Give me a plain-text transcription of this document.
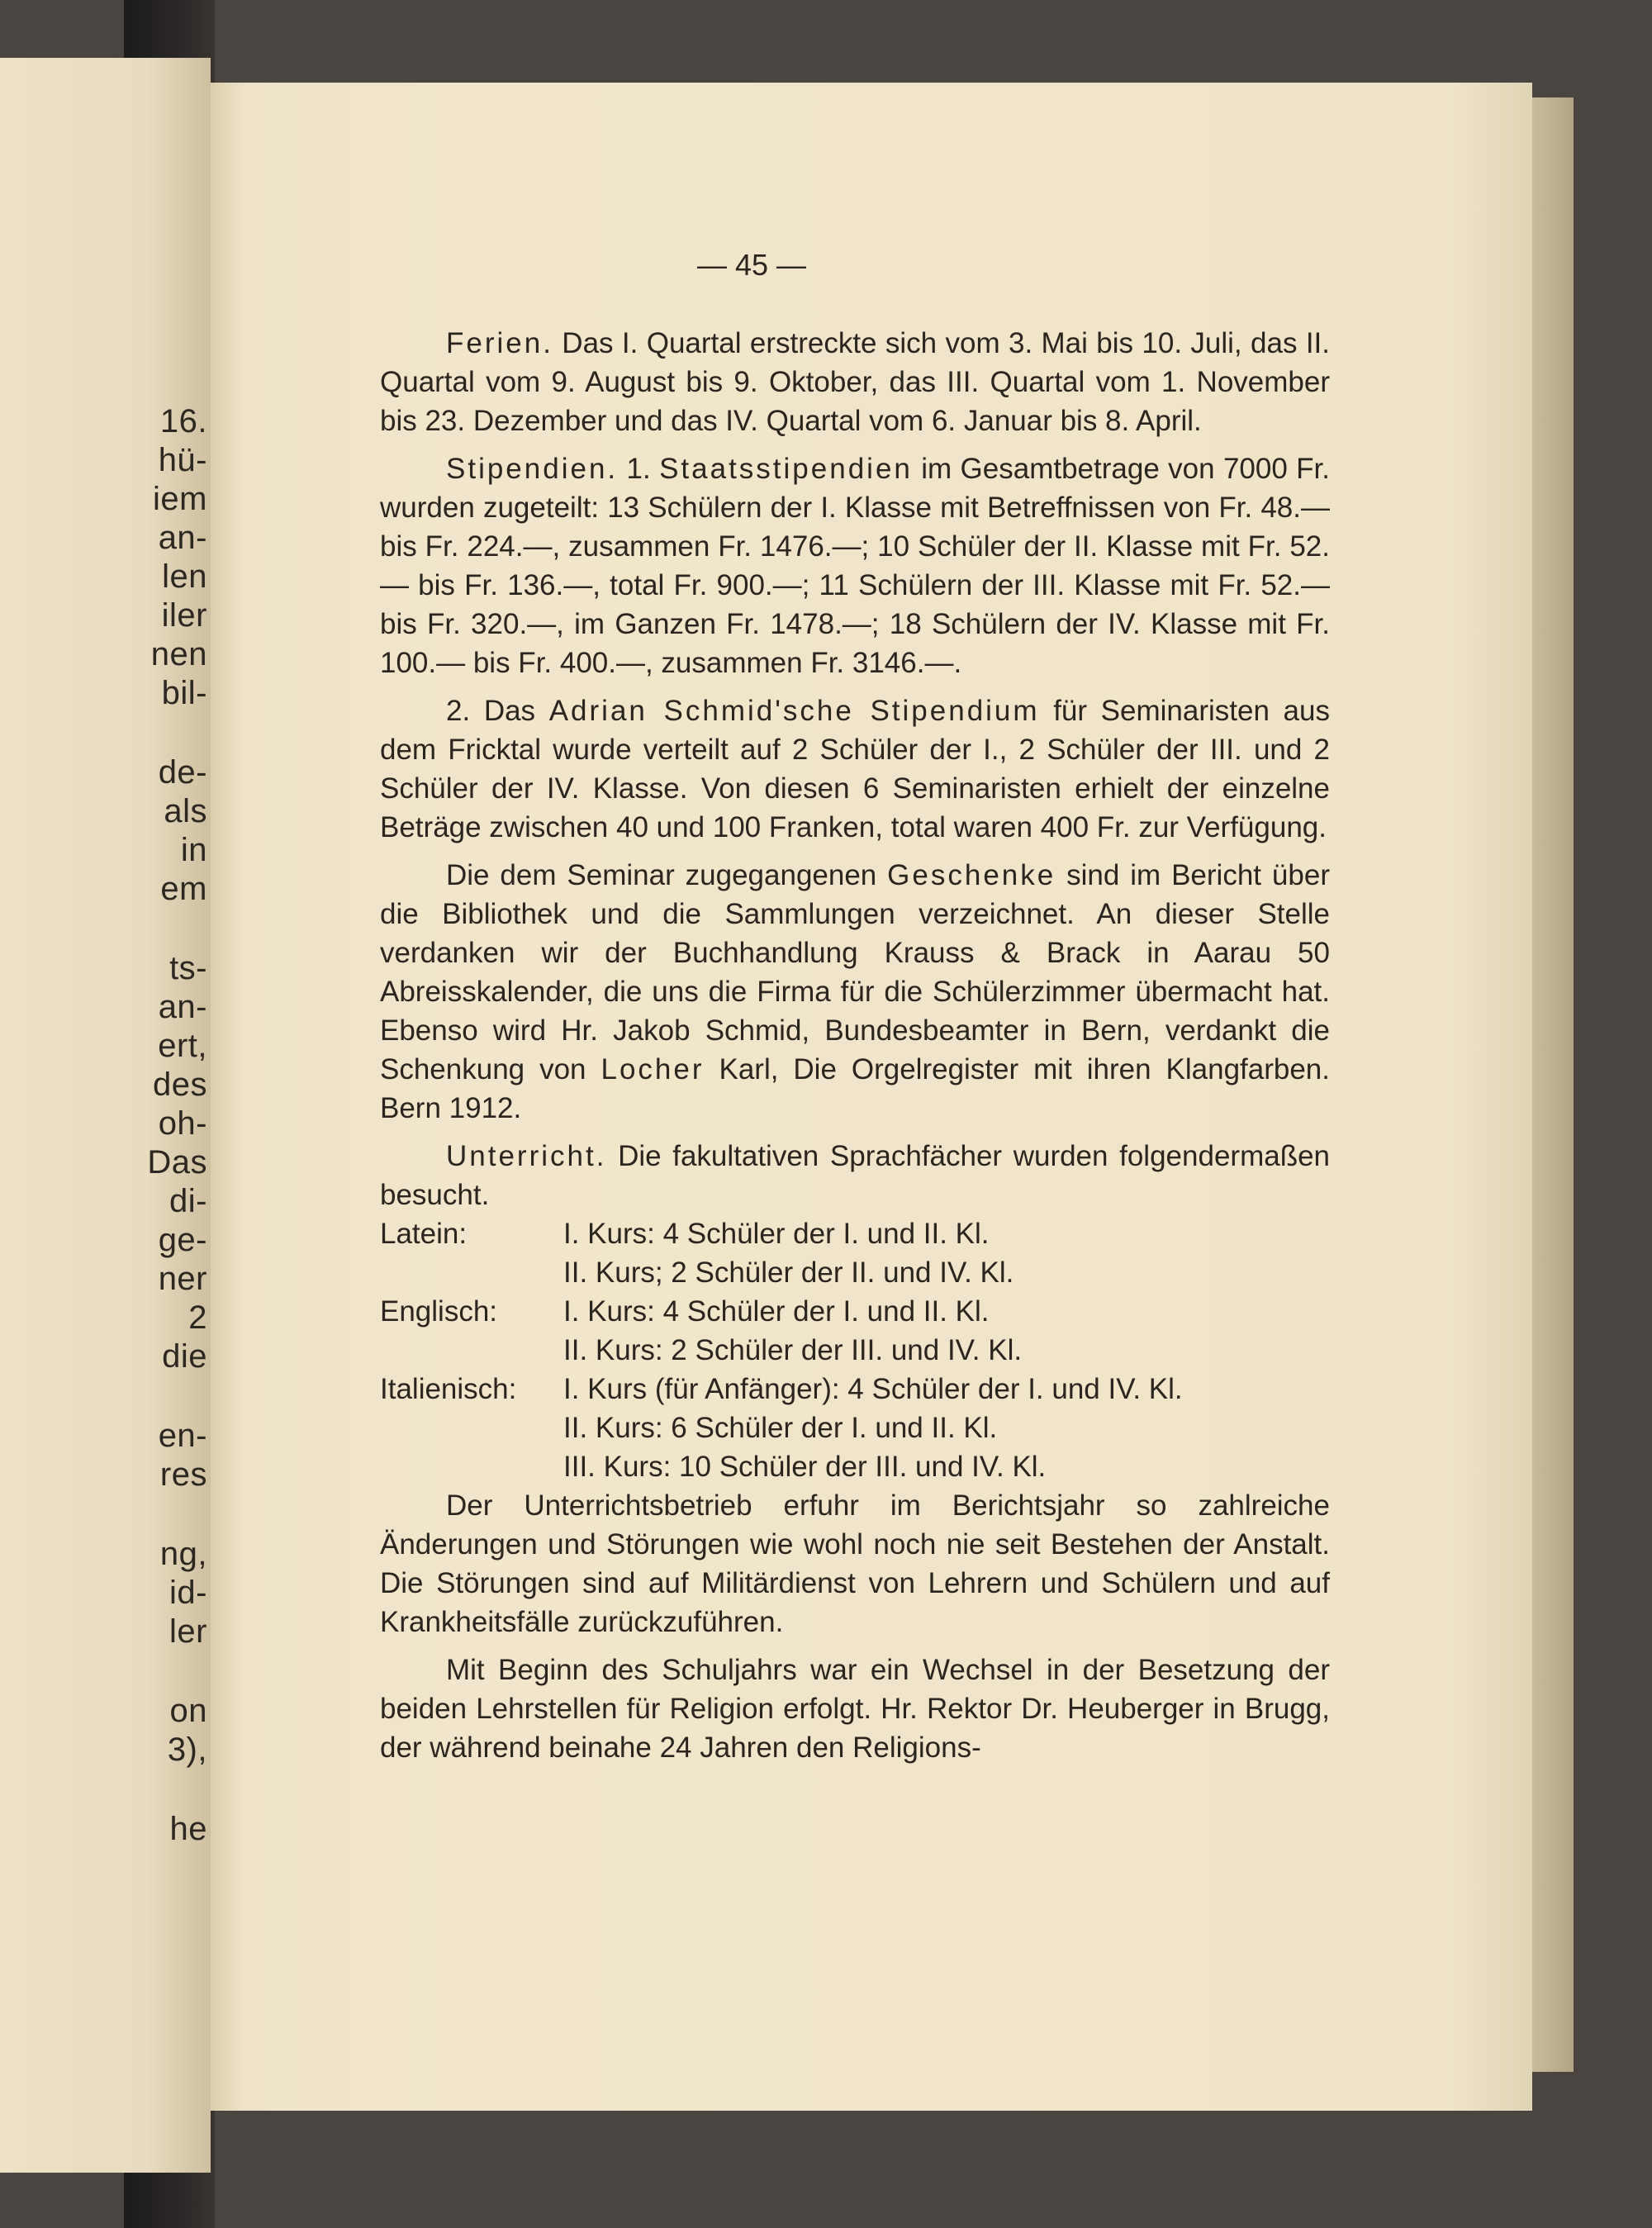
16.
hü-
iem
an-
len
iler
nen
bil-
de-
als
in
em
ts-
an-
ert,
des
oh-
Das
di-
ge-
ner
2
die
en-
res
ng,
id-
ler
on
3),
he
— 45 —

Ferien. Das I. Quartal erstreckte sich vom 3. Mai bis 10. Juli, das II. Quartal vom 9. August bis 9. Oktober, das III. Quartal vom 1. November bis 23. Dezember und das IV. Quartal vom 6. Januar bis 8. April.

Stipendien. 1. Staatsstipendien im Gesamtbetrage von 7000 Fr. wurden zugeteilt: 13 Schülern der I. Klasse mit Betreffnissen von Fr. 48.— bis Fr. 224.—, zusammen Fr. 1476.—; 10 Schüler der II. Klasse mit Fr. 52.— bis Fr. 136.—, total Fr. 900.—; 11 Schülern der III. Klasse mit Fr. 52.— bis Fr. 320.—, im Ganzen Fr. 1478.—; 18 Schülern der IV. Klasse mit Fr. 100.— bis Fr. 400.—, zusammen Fr. 3146.—.

2. Das Adrian Schmid'sche Stipendium für Seminaristen aus dem Fricktal wurde verteilt auf 2 Schüler der I., 2 Schüler der III. und 2 Schüler der IV. Klasse. Von diesen 6 Seminaristen erhielt der einzelne Beträge zwischen 40 und 100 Franken, total waren 400 Fr. zur Verfügung.

Die dem Seminar zugegangenen Geschenke sind im Bericht über die Bibliothek und die Sammlungen verzeichnet. An dieser Stelle verdanken wir der Buchhandlung Krauss & Brack in Aarau 50 Abreisskalender, die uns die Firma für die Schülerzimmer übermacht hat. Ebenso wird Hr. Jakob Schmid, Bundesbeamter in Bern, verdankt die Schenkung von Locher Karl, Die Orgelregister mit ihren Klangfarben. Bern 1912.

Unterricht. Die fakultativen Sprachfächer wurden folgendermaßen besucht.

Latein:	I. Kurs: 4 Schüler der I. und II. Kl.
II. Kurs; 2 Schüler der II. und IV. Kl.
Englisch:	I. Kurs: 4 Schüler der I. und II. Kl.
II. Kurs: 2 Schüler der III. und IV. Kl.
Italienisch:	I. Kurs (für Anfänger): 4 Schüler der I. und IV. Kl.
II. Kurs: 6 Schüler der I. und II. Kl.
III. Kurs: 10 Schüler der III. und IV. Kl.

Der Unterrichtsbetrieb erfuhr im Berichtsjahr so zahlreiche Änderungen und Störungen wie wohl noch nie seit Bestehen der Anstalt. Die Störungen sind auf Militärdienst von Lehrern und Schülern und auf Krankheitsfälle zurückzuführen.

Mit Beginn des Schuljahrs war ein Wechsel in der Besetzung der beiden Lehrstellen für Religion erfolgt. Hr. Rektor Dr. Heuberger in Brugg, der während beinahe 24 Jahren den Religions-
